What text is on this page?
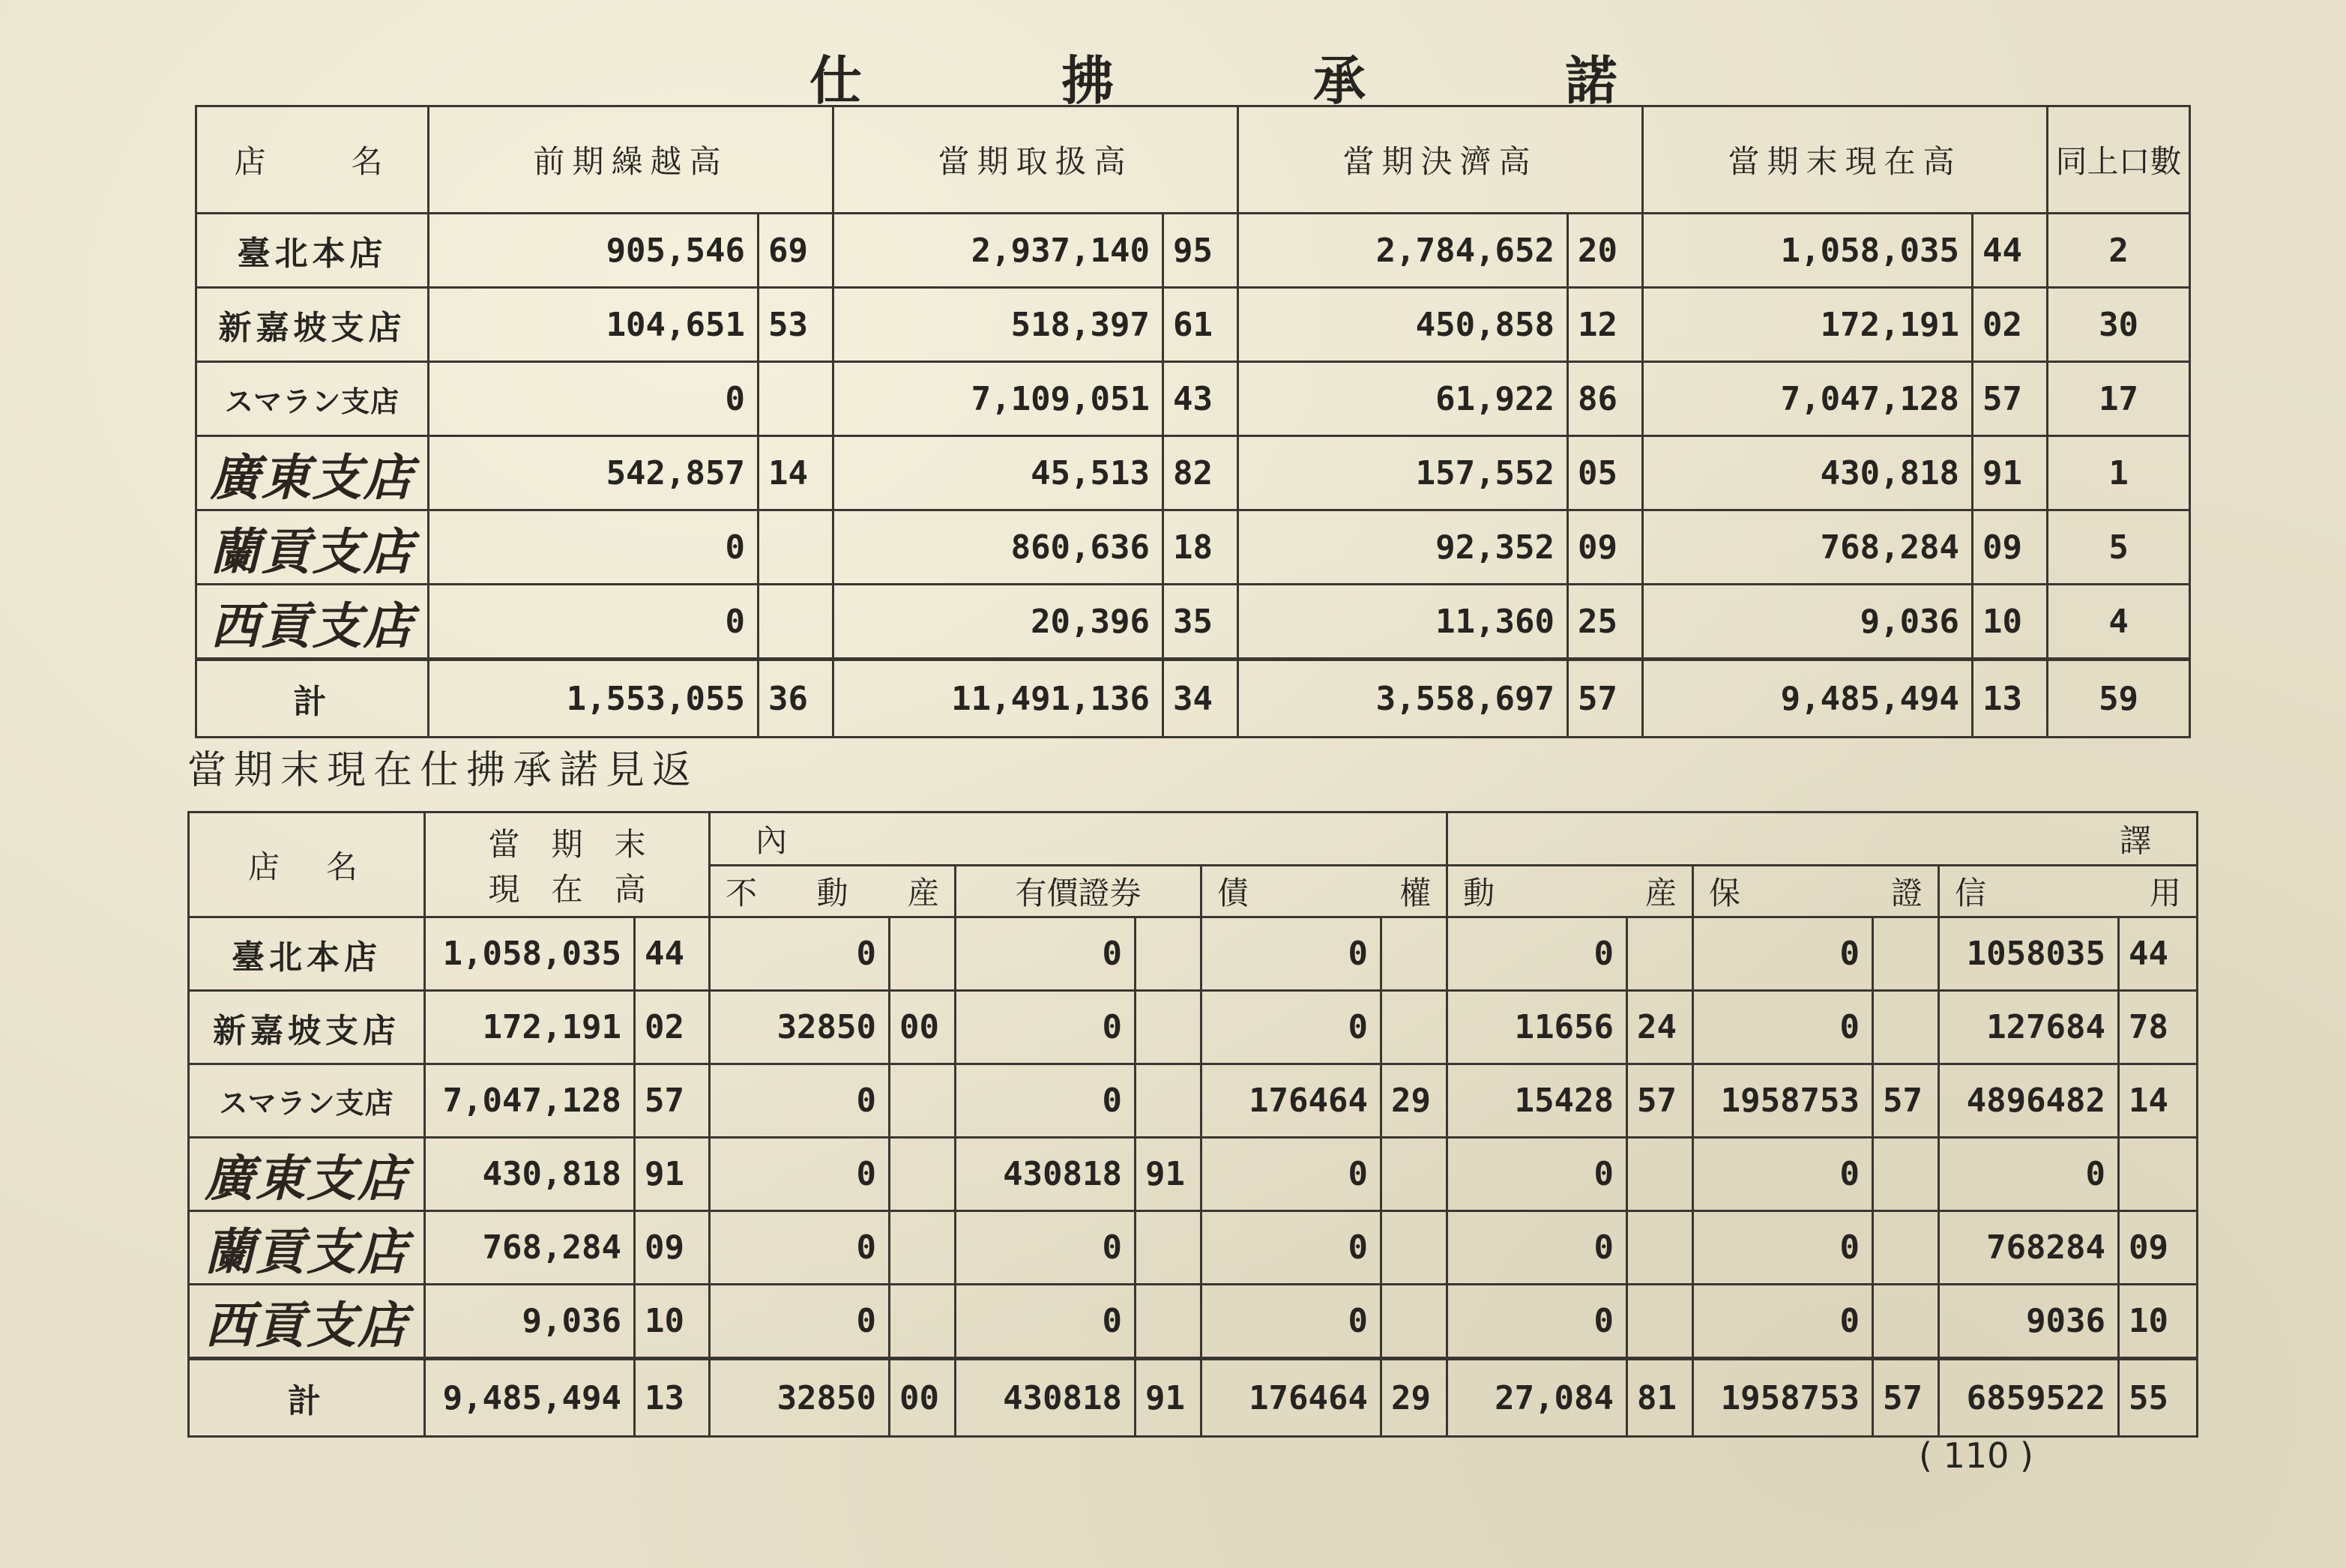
仕	拂	承	諾
店　　名	前期繰越高		當期取扱高		當期決濟高		當期末現在高		同上口數
臺北本店	905,546	69	2,937,140	95	2,784,652	20	1,058,035	44	2
新嘉坡支店	104,651	53	518,397	61	450,858	12	172,191	02	30
スマラン支店	0		7,109,051	43	61,922	86	7,047,128	57	17
廣東支店	542,857	14	45,513	82	157,552	05	430,818	91	1
蘭貢支店	0		860,636	18	92,352	09	768,284	09	5
西貢支店	0		20,396	35	11,360	25	9,036	10	4
計	1,553,055	36	11,491,136	34	3,558,697	57	9,485,494	13	59
當期末現在仕拂承諾見返
店　名	當　期　末
現　在　高		內						譯					

			不 動 産		有價證券		債 權		動 産		保 證		信 用	

臺北本店	1,058,035	44	0		0		0		0		0		1058035	44
新嘉坡支店	172,191	02	32850	00	0		0		11656	24	0		127684	78
スマラン支店	7,047,128	57	0		0		176464	29	15428	57	1958753	57	4896482	14
廣東支店	430,818	91	0		430818	91	0		0		0		0	
蘭貢支店	768,284	09	0		0		0		0		0		768284	09
西貢支店	9,036	10	0		0		0		0		0		9036	10
計	9,485,494	13	32850	00	430818	91	176464	29	27,084	81	1958753	57	6859522	55
( 110 )
